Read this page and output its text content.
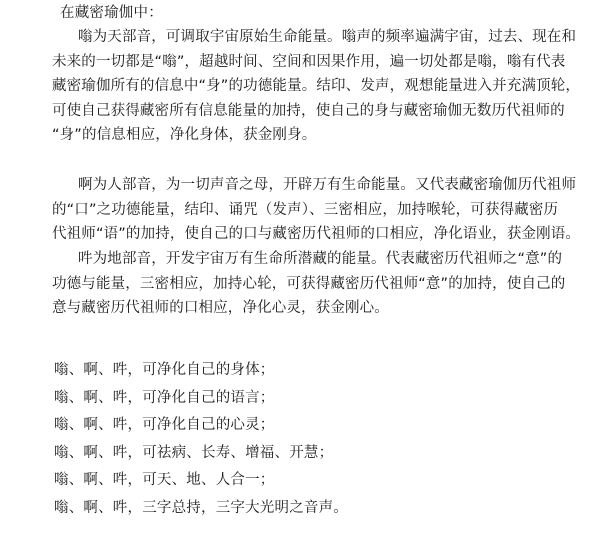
在藏密瑜伽中：
嗡为天部音，可调取宇宙原始生命能量。嗡声的频率遍满宇宙，过去、现在和
未来的一切都是“嗡”，超越时间、空间和因果作用，遍一切处都是嗡，嗡有代表
藏密瑜伽所有的信息中“身”的功德能量。结印、发声，观想能量进入并充满顶轮，
可使自己获得藏密所有信息能量的加持，使自己的身与藏密瑜伽无数历代祖师的
“身”的信息相应，净化身体，获金刚身。
啊为人部音，为一切声音之母，开辟万有生命能量。又代表藏密瑜伽历代祖师
的“口”之功德能量，结印、诵咒（发声）、三密相应，加持喉轮，可获得藏密历
代祖师“语”的加持，使自己的口与藏密历代祖师的口相应，净化语业，获金刚语。
吽为地部音，开发宇宙万有生命所潜藏的能量。代表藏密历代祖师之“意”的
功德与能量，三密相应，加持心轮，可获得藏密历代祖师“意”的加持，使自己的
意与藏密历代祖师的口相应，净化心灵，获金刚心。
嗡、啊、吽，可净化自己的身体；
嗡、啊、吽，可净化自己的语言；
嗡、啊、吽，可净化自己的心灵；
嗡、啊、吽，可祛病、长寿、增福、开慧；
嗡、啊、吽，可天、地、人合一；
嗡、啊、吽，三字总持，三字大光明之音声。
